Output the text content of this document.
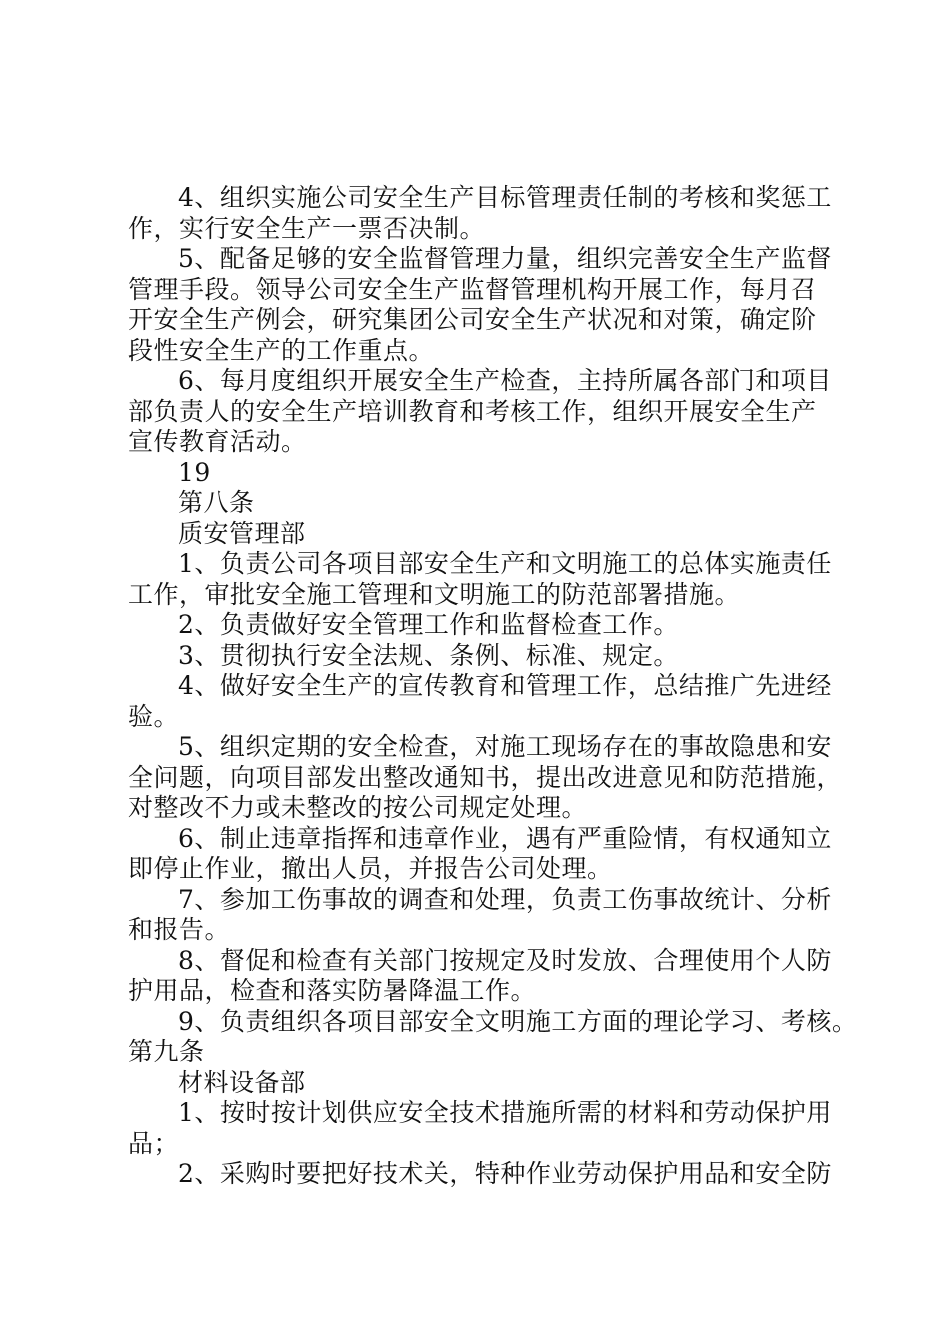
4、组织实施公司安全生产目标管理责任制的考核和奖惩工
作，实行安全生产一票否决制。
5、配备足够的安全监督管理力量，组织完善安全生产监督
管理手段。领导公司安全生产监督管理机构开展工作，每月召
开安全生产例会，研究集团公司安全生产状况和对策，确定阶
段性安全生产的工作重点。
6、每月度组织开展安全生产检查，主持所属各部门和项目
部负责人的安全生产培训教育和考核工作，组织开展安全生产
宣传教育活动。
19
第八条
质安管理部
1、负责公司各项目部安全生产和文明施工的总体实施责任
工作，审批安全施工管理和文明施工的防范部署措施。
2、负责做好安全管理工作和监督检查工作。
3、贯彻执行安全法规、条例、标准、规定。
4、做好安全生产的宣传教育和管理工作，总结推广先进经
验。
5、组织定期的安全检查，对施工现场存在的事故隐患和安
全问题，向项目部发出整改通知书，提出改进意见和防范措施，
对整改不力或未整改的按公司规定处理。
6、制止违章指挥和违章作业，遇有严重险情，有权通知立
即停止作业，撤出人员，并报告公司处理。
7、参加工伤事故的调查和处理，负责工伤事故统计、分析
和报告。
8、督促和检查有关部门按规定及时发放、合理使用个人防
护用品，检查和落实防暑降温工作。
9、负责组织各项目部安全文明施工方面的理论学习、考核。
第九条
材料设备部
1、按时按计划供应安全技术措施所需的材料和劳动保护用
品；
2、采购时要把好技术关，特种作业劳动保护用品和安全防
